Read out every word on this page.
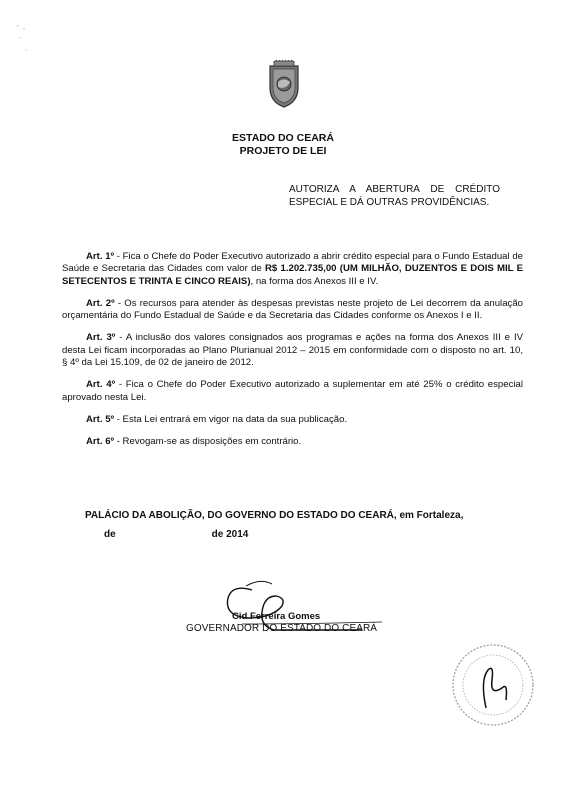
ESTADO DO CEARÁ
PROJETO DE LEI
AUTORIZA A ABERTURA DE CRÉDITO
ESPECIAL E DÁ OUTRAS PROVIDÊNCIAS.

Art. 1º - Fica o Chefe do Poder Executivo autorizado a abrir crédito especial para o Fundo Estadual de Saúde e Secretaria das Cidades com valor de R$ 1.202.735,00 (UM MILHÃO, DUZENTOS E DOIS MIL E SETECENTOS E TRINTA E CINCO REAIS), na forma dos Anexos III e IV.

Art. 2º - Os recursos para atender às despesas previstas neste projeto de Lei decorrem da anulação orçamentária do Fundo Estadual de Saúde e da Secretaria das Cidades conforme os Anexos I e II.

Art. 3º - A inclusão dos valores consignados aos programas e ações na forma dos Anexos III e IV desta Lei ficam incorporadas ao Plano Plurianual 2012 – 2015 em conformidade com o disposto no art. 10, § 4º da Lei 15.109, de 02 de janeiro de 2012.

Art. 4º - Fica o Chefe do Poder Executivo autorizado a suplementar em até 25% o crédito especial aprovado nesta Lei.

Art. 5º - Esta Lei entrará em vigor na data da sua publicação.

Art. 6º - Revogam-se as disposições em contrário.

PALÁCIO DA ABOLIÇÃO, DO GOVERNO DO ESTADO DO CEARÁ, em Fortaleza,
de	de 2014
Cid Ferreira Gomes
GOVERNADOR DO ESTADO DO CEARÁ
